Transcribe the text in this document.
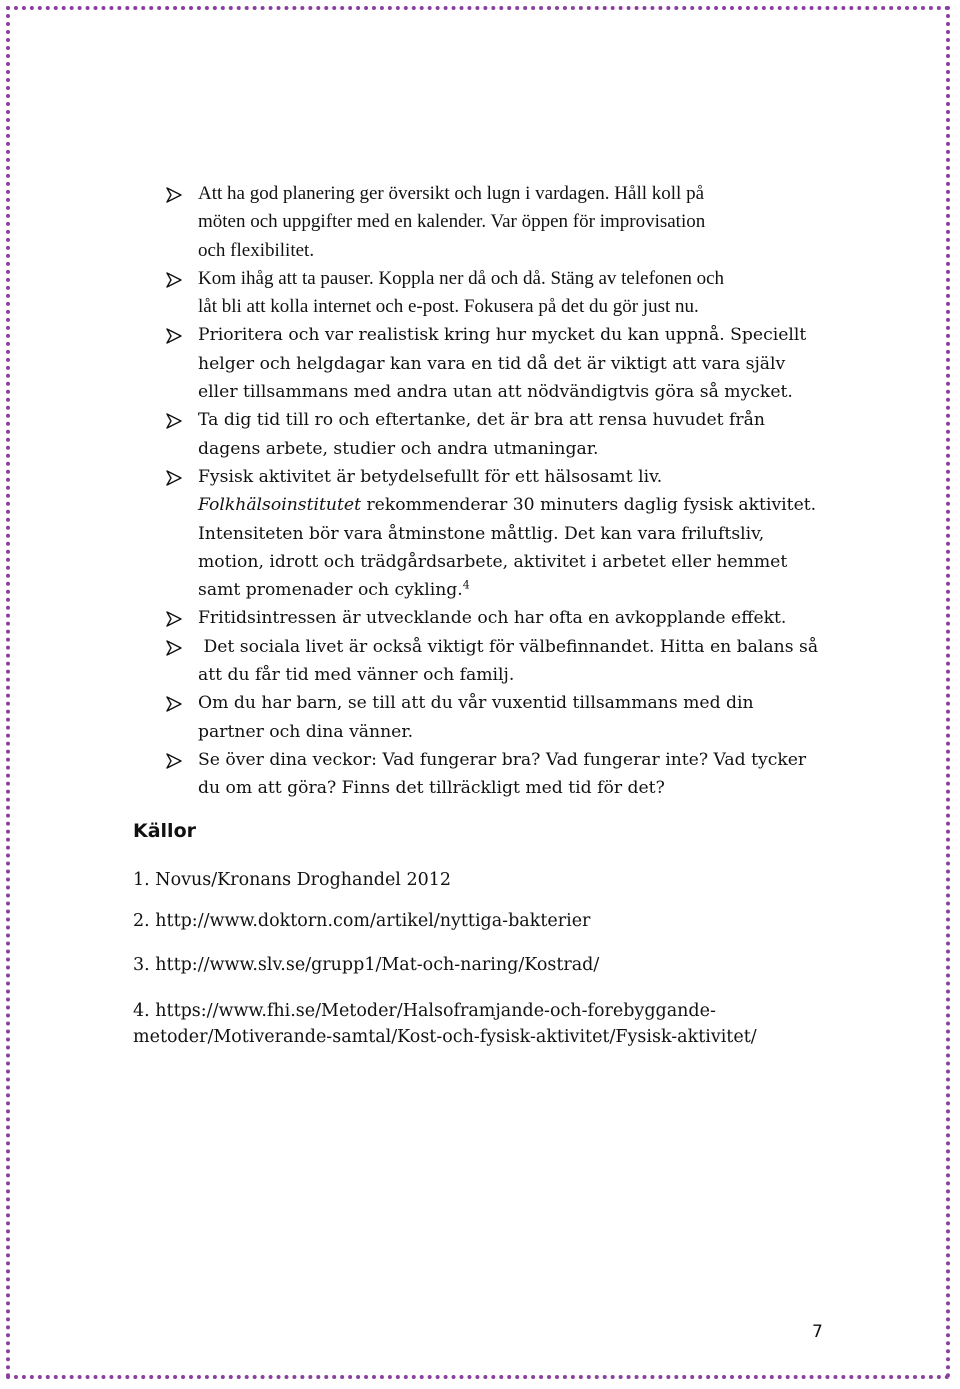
Att ha god planering ger översikt och lugn i vardagen. Håll koll på
möten och uppgifter med en kalender. Var öppen för improvisation
och flexibilitet.
Kom ihåg att ta pauser. Koppla ner då och då. Stäng av telefonen och
låt bli att kolla internet och e-post. Fokusera på det du gör just nu.
Prioritera och var realistisk kring hur mycket du kan uppnå. Speciellt
helger och helgdagar kan vara en tid då det är viktigt att vara själv
eller tillsammans med andra utan att nödvändigtvis göra så mycket.
Ta dig tid till ro och eftertanke, det är bra att rensa huvudet från
dagens arbete, studier och andra utmaningar.
Fysisk aktivitet är betydelsefullt för ett hälsosamt liv.
Folkhälsoinstitutet rekommenderar 30 minuters daglig fysisk aktivitet.
Intensiteten bör vara åtminstone måttlig. Det kan vara friluftsliv,
motion, idrott och trädgårdsarbete, aktivitet i arbetet eller hemmet
samt promenader och cykling.$^4$
Fritidsintressen är utvecklande och har ofta en avkopplande effekt.
Det sociala livet är också viktigt för välbefinnandet. Hitta en balans så
att du får tid med vänner och familj.
Om du har barn, se till att du vår vuxentid tillsammans med din
partner och dina vänner.
Se över dina veckor: Vad fungerar bra? Vad fungerar inte? Vad tycker
du om att göra? Finns det tillräckligt med tid för det?
Källor

1. Novus/Kronans Droghandel 2012

2. http://www.doktorn.com/artikel/nyttiga-bakterier

3. http://www.slv.se/grupp1/Mat-och-naring/Kostrad/

4. https://www.fhi.se/Metoder/Halsoframjande-och-forebyggande-

metoder/Motiverande-samtal/Kost-och-fysisk-aktivitet/Fysisk-aktivitet/

7
